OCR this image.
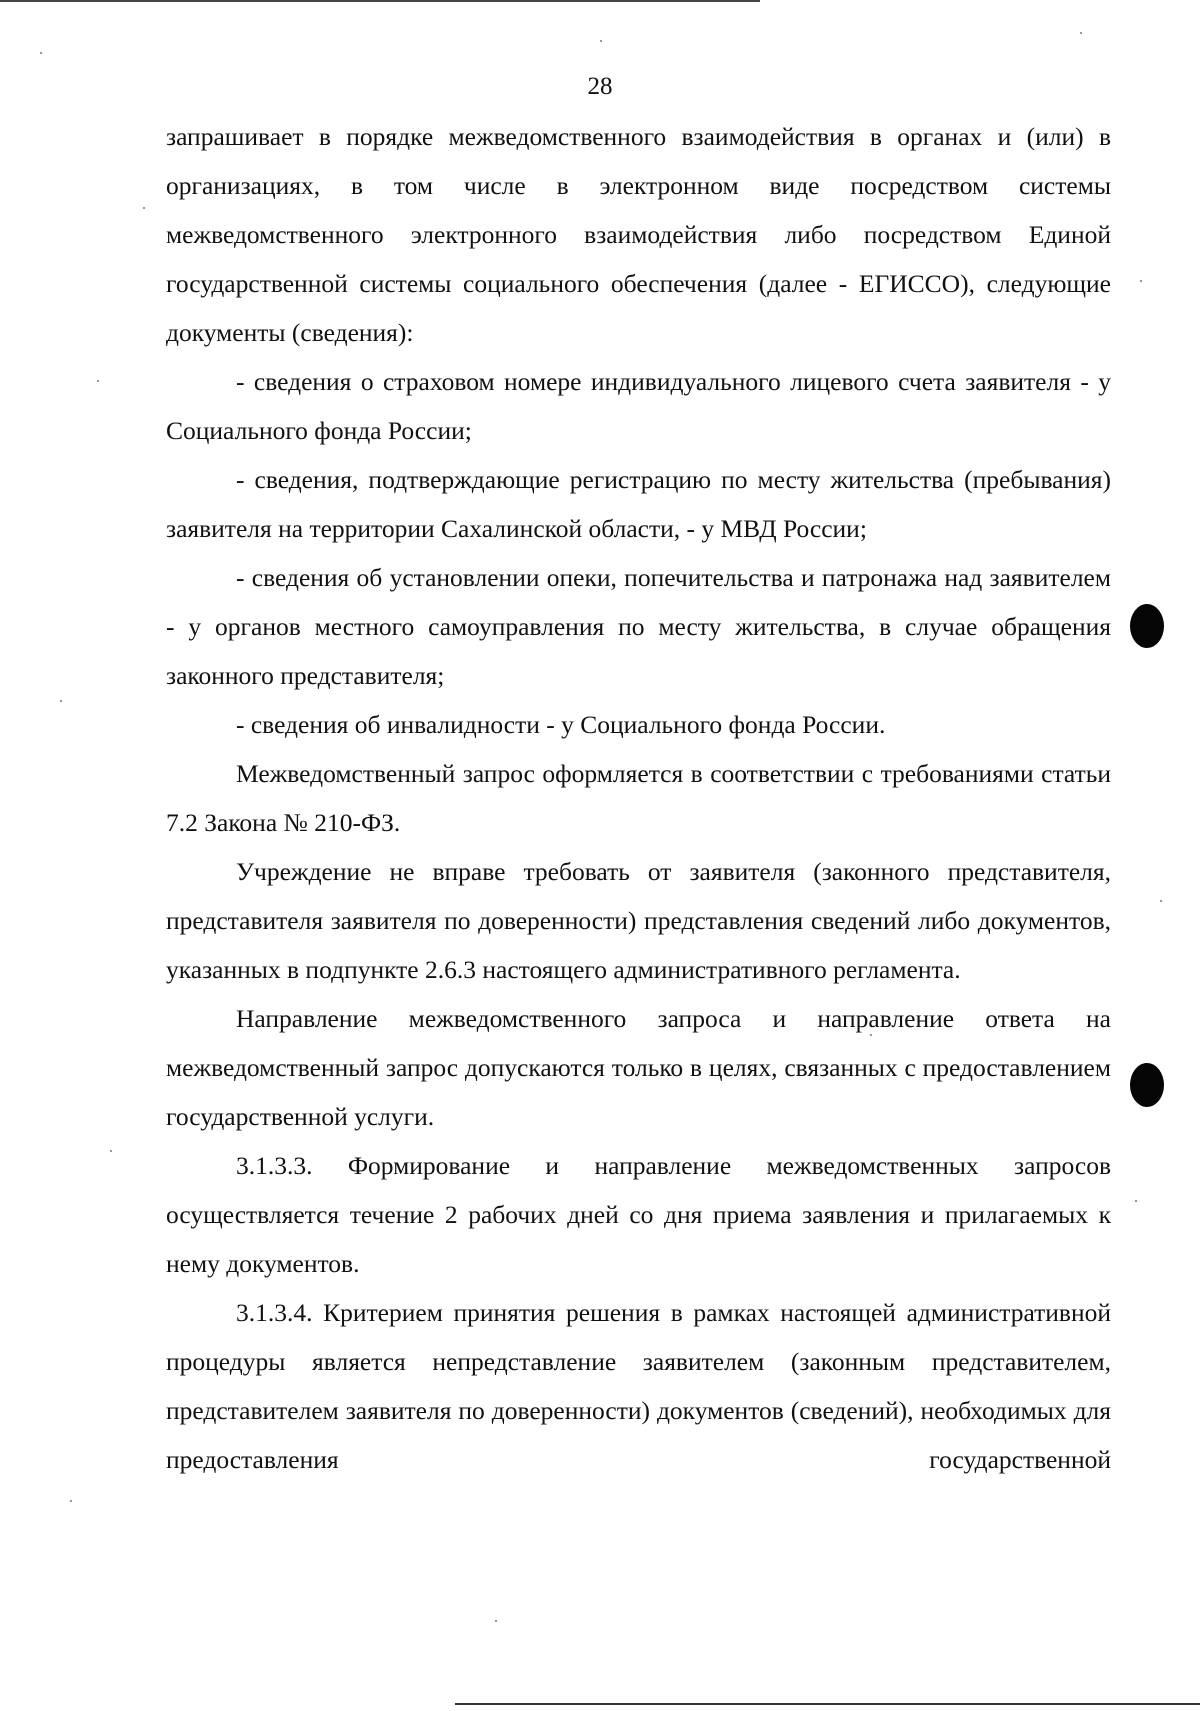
28

запрашивает в порядке межведомственного взаимодействия в органах и (или) в организациях, в том числе в электронном виде посредством системы межведомственного электронного взаимодействия либо посредством Единой государственной системы социального обеспечения (далее - ЕГИССО), следующие документы (сведения):

- сведения о страховом номере индивидуального лицевого счета заявителя - у Социального фонда России;

- сведения, подтверждающие регистрацию по месту жительства (пребывания) заявителя на территории Сахалинской области, - у МВД России;

- сведения об установлении опеки, попечительства и патронажа над заявителем - у органов местного самоуправления по месту жительства, в случае обращения законного представителя;

- сведения об инвалидности - у Социального фонда России.

Межведомственный запрос оформляется в соответствии с требованиями статьи 7.2 Закона № 210-ФЗ.

Учреждение не вправе требовать от заявителя (законного представителя, представителя заявителя по доверенности) представления сведений либо документов, указанных в подпункте 2.6.3 настоящего административного регламента.

Направление межведомственного запроса и направление ответа на межведомственный запрос допускаются только в целях, связанных с предоставлением государственной услуги.

3.1.3.3. Формирование и направление межведомственных запросов осуществляется течение 2 рабочих дней со дня приема заявления и прилагаемых к нему документов.

3.1.3.4. Критерием принятия решения в рамках настоящей административной процедуры является непредставление заявителем (законным представителем, представителем заявителя по доверенности) документов (сведений), необходимых для предоставления государственной
